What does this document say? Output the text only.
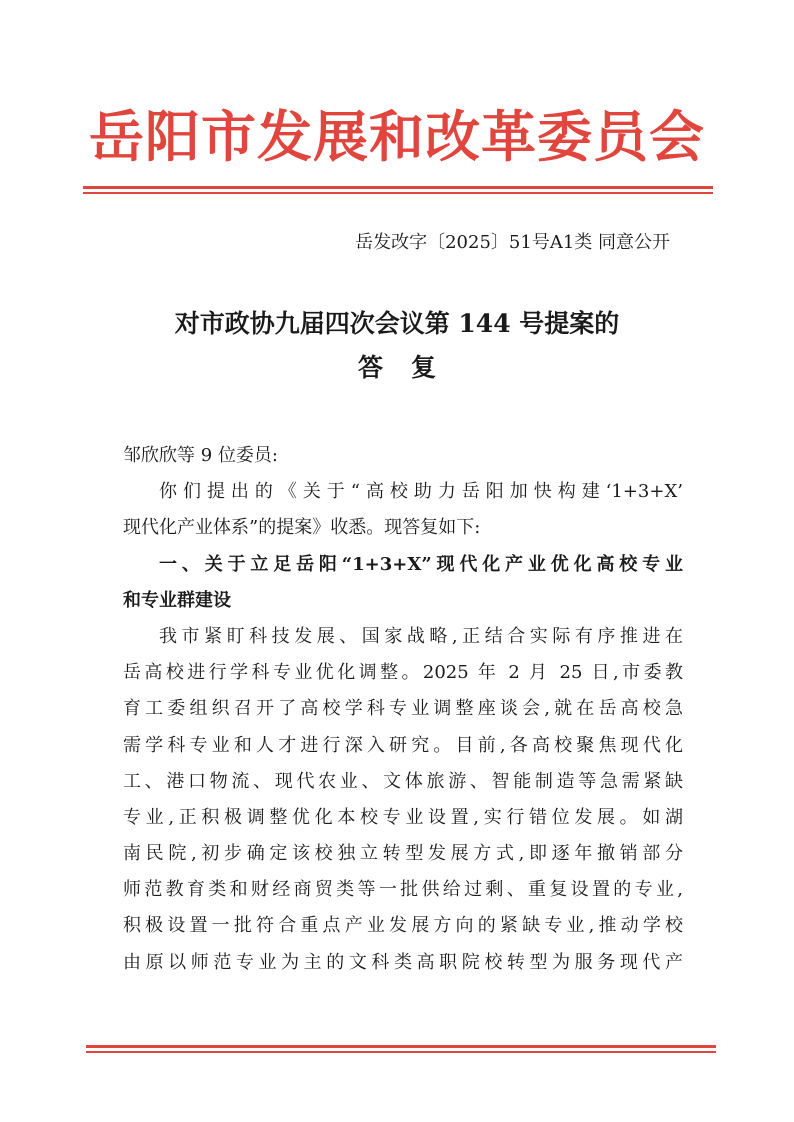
岳阳市发展和改革委员会
岳发改字〔2025〕51号A1类 同意公开
对市政协九届四次会议第 144 号提案的
答复
邹欣欣等 9 位委员:
你们提出的《关于“高校助力岳阳加快构建‘1+3+X’
现代化产业体系”的提案》收悉。现答复如下:
一、关于立足岳阳“1+3+X”现代化产业优化高校专业
和专业群建设
我市紧盯科技发展、国家战略,正结合实际有序推进在
岳高校进行学科专业优化调整。2025 年 2 月 25 日,市委教
育工委组织召开了高校学科专业调整座谈会,就在岳高校急
需学科专业和人才进行深入研究。目前,各高校聚焦现代化
工、港口物流、现代农业、文体旅游、智能制造等急需紧缺
专业,正积极调整优化本校专业设置,实行错位发展。如湖
南民院,初步确定该校独立转型发展方式,即逐年撤销部分
师范教育类和财经商贸类等一批供给过剩、重复设置的专业,
积极设置一批符合重点产业发展方向的紧缺专业,推动学校
由原以师范专业为主的文科类高职院校转型为服务现代产
